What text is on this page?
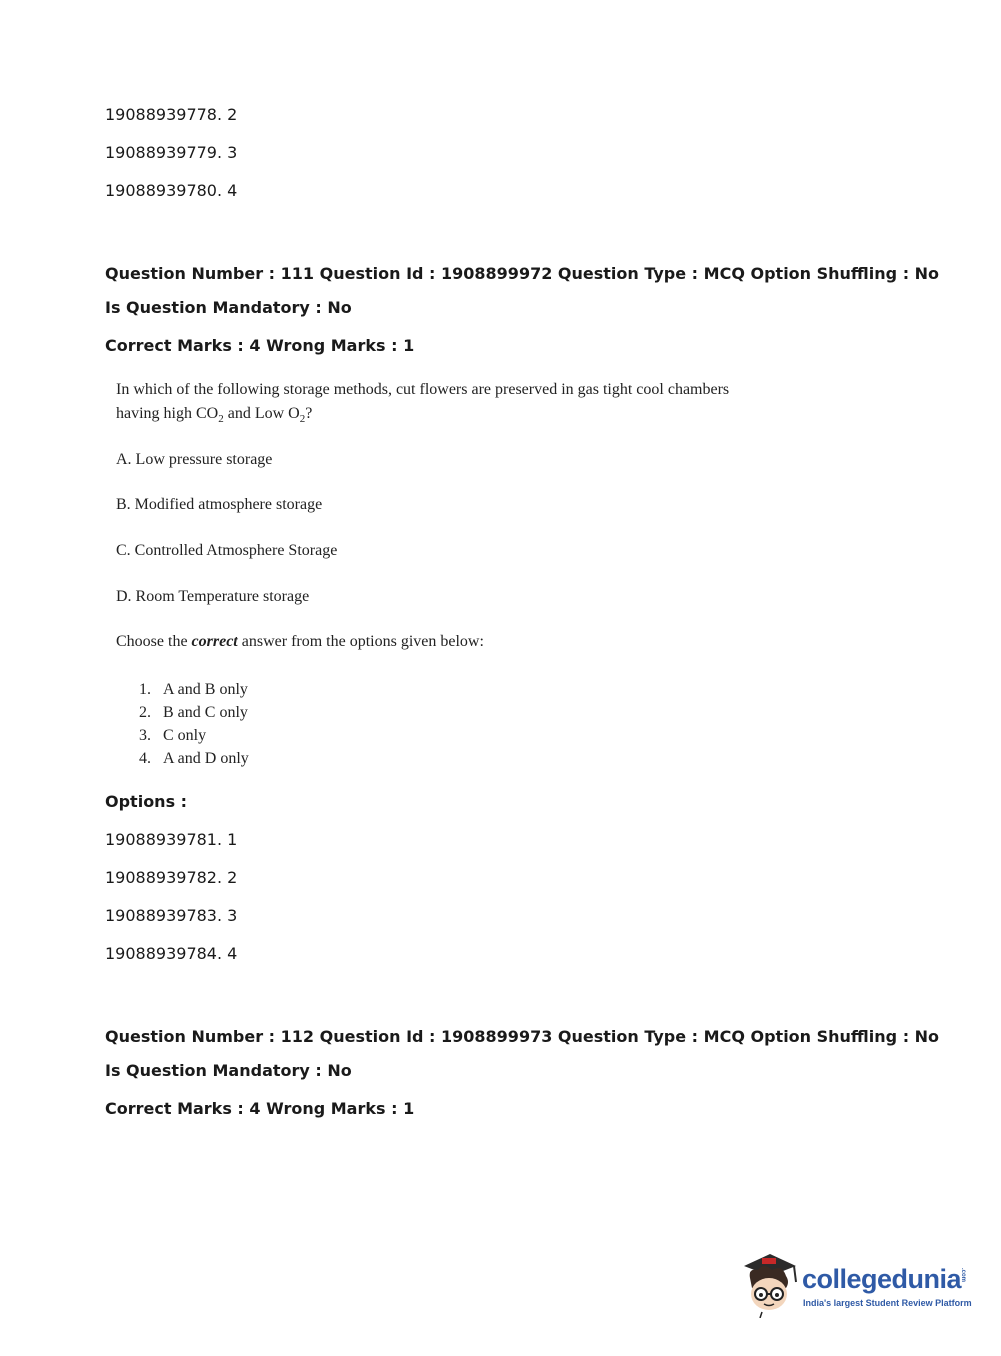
19088939778. 2
19088939779. 3
19088939780. 4
Question Number : 111 Question Id : 1908899972 Question Type : MCQ Option Shuffling : No
Is Question Mandatory : No
Correct Marks : 4 Wrong Marks : 1
In which of the following storage methods, cut flowers are preserved in gas tight cool chambers
having high $CO_2$ and Low $O_2$?
A. Low pressure storage
B. Modified atmosphere storage
C. Controlled Atmosphere Storage
D. Room Temperature storage
Choose the correct answer from the options given below:
1. A and B only
2. B and C only
3. C only
4. A and D only
Options :
19088939781. 1
19088939782. 2
19088939783. 3
19088939784. 4
Question Number : 112 Question Id : 1908899973 Question Type : MCQ Option Shuffling : No
Is Question Mandatory : No
Correct Marks : 4 Wrong Marks : 1
collegedunia
.com
India's largest Student Review Platform
